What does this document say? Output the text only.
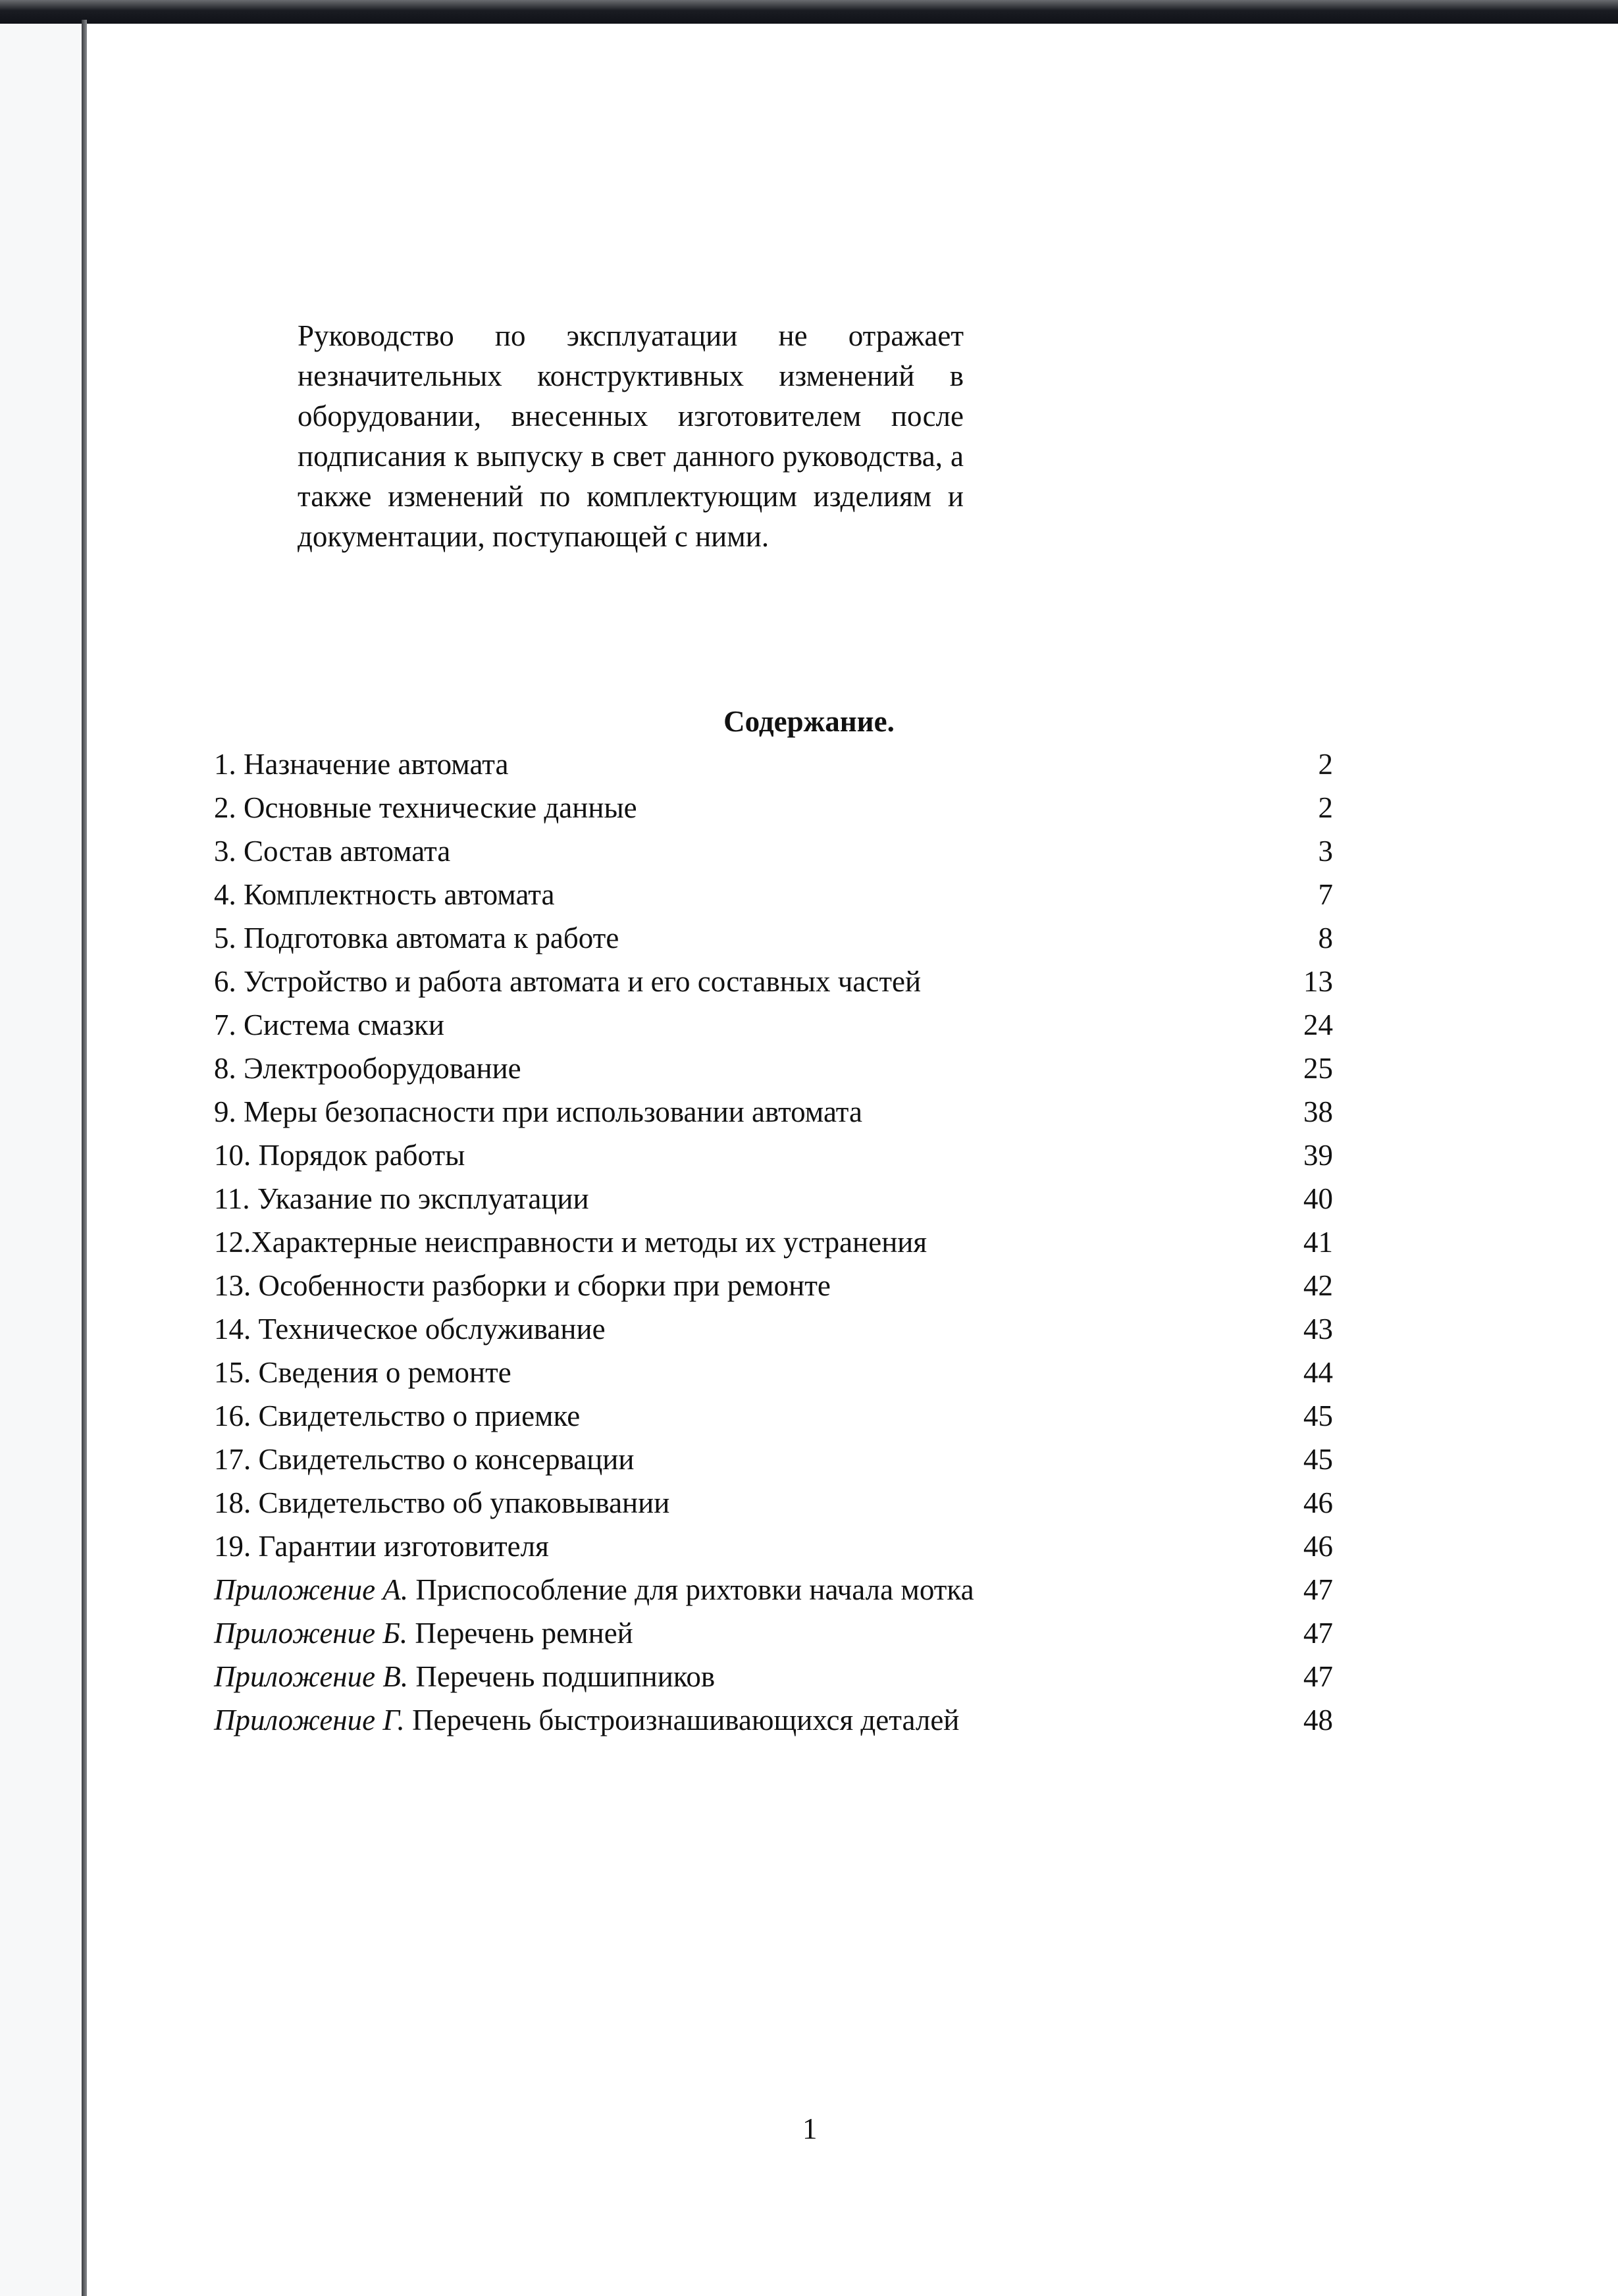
Руководство по эксплуатации не отражает незначительных конструктивных изменений в оборудовании, внесенных изготовителем после подписания к выпуску в свет данного руководства, а также изменений по комплектующим изделиям и документации, поступающей с ними.

Содержание.
1. Назначение автомата	2
2. Основные технические данные	2
3. Состав автомата	3
4. Комплектность автомата	7
5. Подготовка автомата к работе	8
6. Устройство и работа автомата и его составных частей	13
7. Система смазки	24
8. Электрооборудование	25
9. Меры безопасности при использовании автомата	38
10. Порядок работы	39
11. Указание по эксплуатации	40
12.Характерные неисправности и методы их устранения	41
13. Особенности разборки и сборки при ремонте	42
14. Техническое обслуживание	43
15. Сведения о ремонте	44
16. Свидетельство о приемке	45
17. Свидетельство о консервации	45
18. Свидетельство об упаковывании	46
19. Гарантии изготовителя	46
Приложение А. Приспособление для рихтовки начала мотка	47
Приложение Б. Перечень ремней	47
Приложение В. Перечень подшипников	47
Приложение Г. Перечень быстроизнашивающихся деталей	48
1
